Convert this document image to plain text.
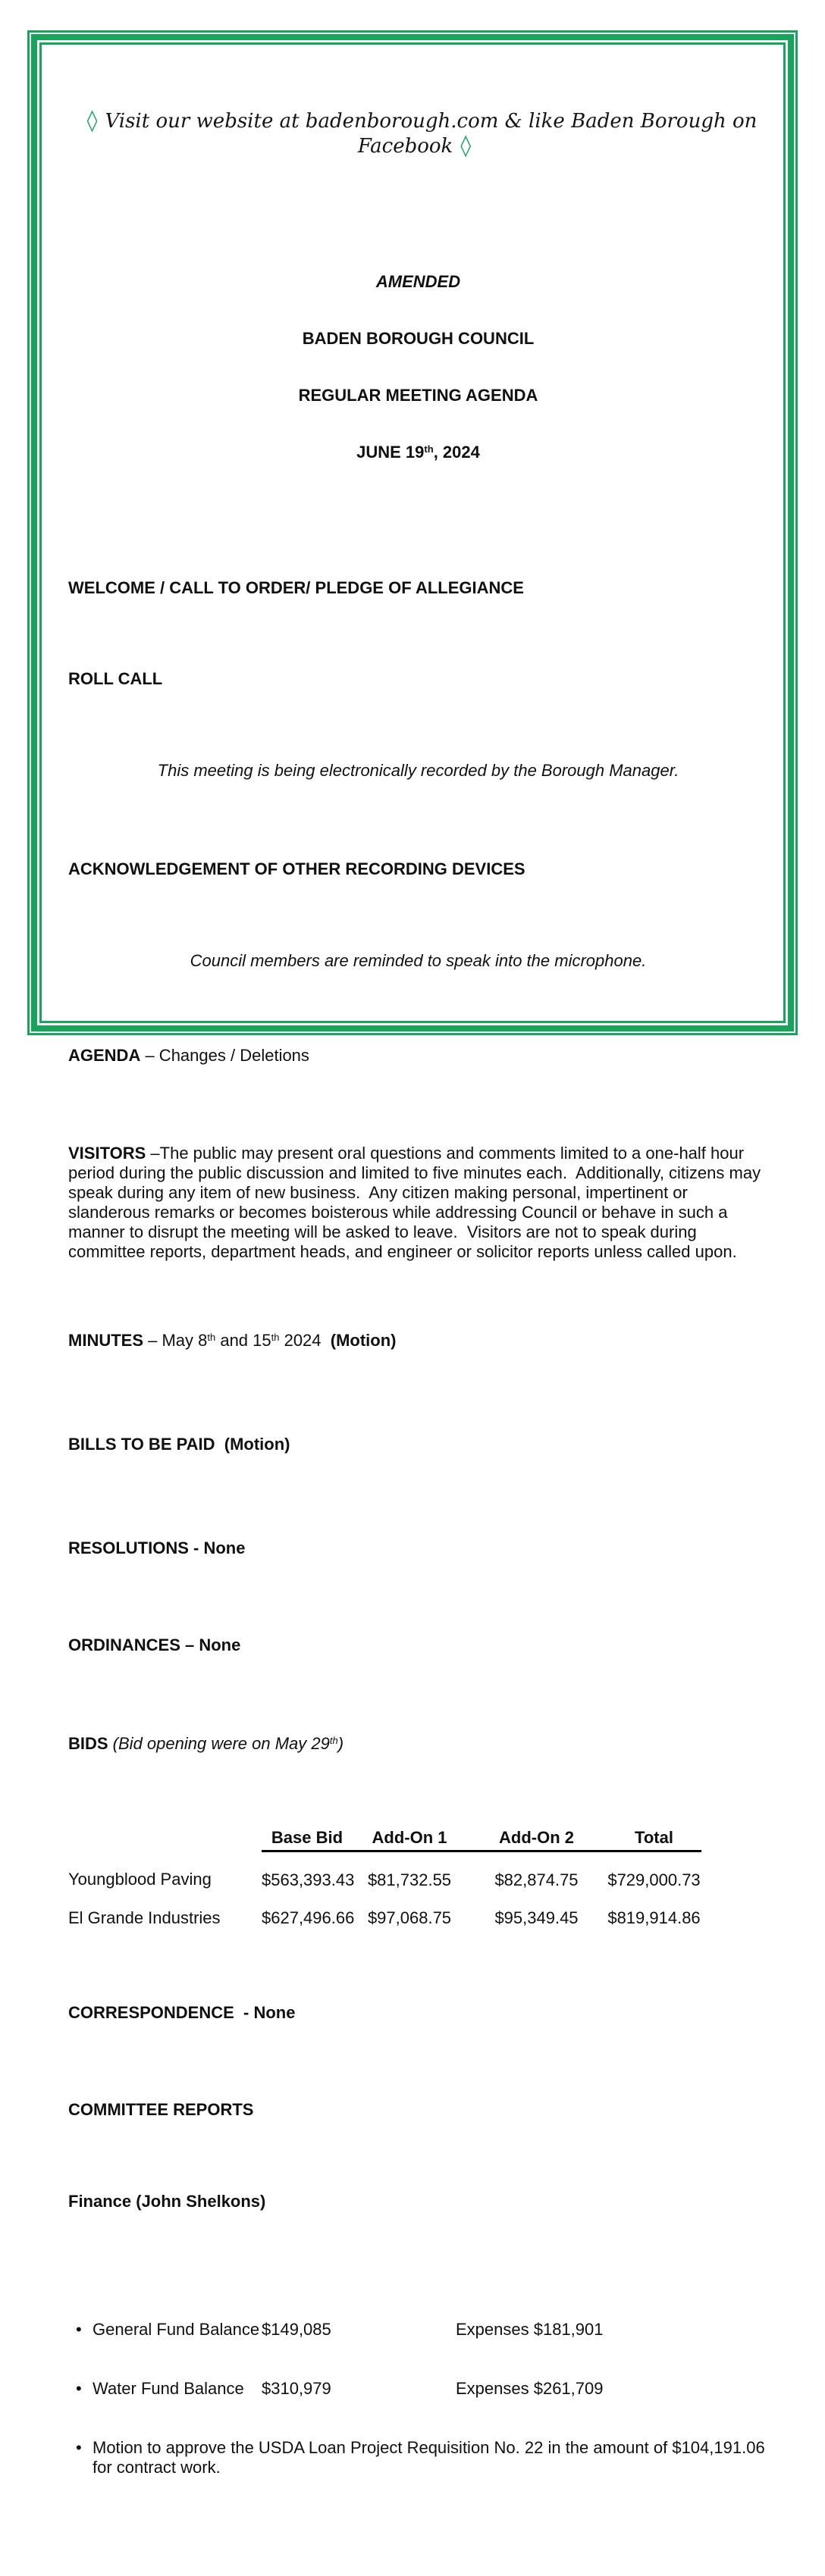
◊ Visit our website at badenborough.com & like Baden Borough on Facebook ◊

AMENDED

BADEN BOROUGH COUNCIL

REGULAR MEETING AGENDA

JUNE 19th, 2024

WELCOME / CALL TO ORDER/ PLEDGE OF ALLEGIANCE

ROLL CALL

This meeting is being electronically recorded by the Borough Manager.

ACKNOWLEDGEMENT OF OTHER RECORDING DEVICES

Council members are reminded to speak into the microphone.

AGENDA – Changes / Deletions

VISITORS –The public may present oral questions and comments limited to a one-half hour period during the public discussion and limited to five minutes each.  Additionally, citizens may speak during any item of new business.  Any citizen making personal, impertinent or slanderous remarks or becomes boisterous while addressing Council or behave in such a manner to disrupt the meeting will be asked to leave.  Visitors are not to speak during committee reports, department heads, and engineer or solicitor reports unless called upon.

MINUTES – May 8th and 15th 2024  (Motion)

BILLS TO BE PAID  (Motion)

RESOLUTIONS - None

ORDINANCES – None

BIDS (Bid opening were on May 29th)

	Base Bid	Add-On 1	Add-On 2	Total
Youngblood Paving	$563,393.43	$81,732.55	$82,874.75	$729,000.73
El Grande Industries	$627,496.66	$97,068.75	$95,349.45	$819,914.86

CORRESPONDENCE  - None

COMMITTEE REPORTS

Finance (John Shelkons)

• General Fund Balance $149,085	Expenses $181,901

• Water Fund Balance $310,979	Expenses $261,709

• Motion to approve the USDA Loan Project Requisition No. 22 in the amount of $104,191.06 for contract work.
